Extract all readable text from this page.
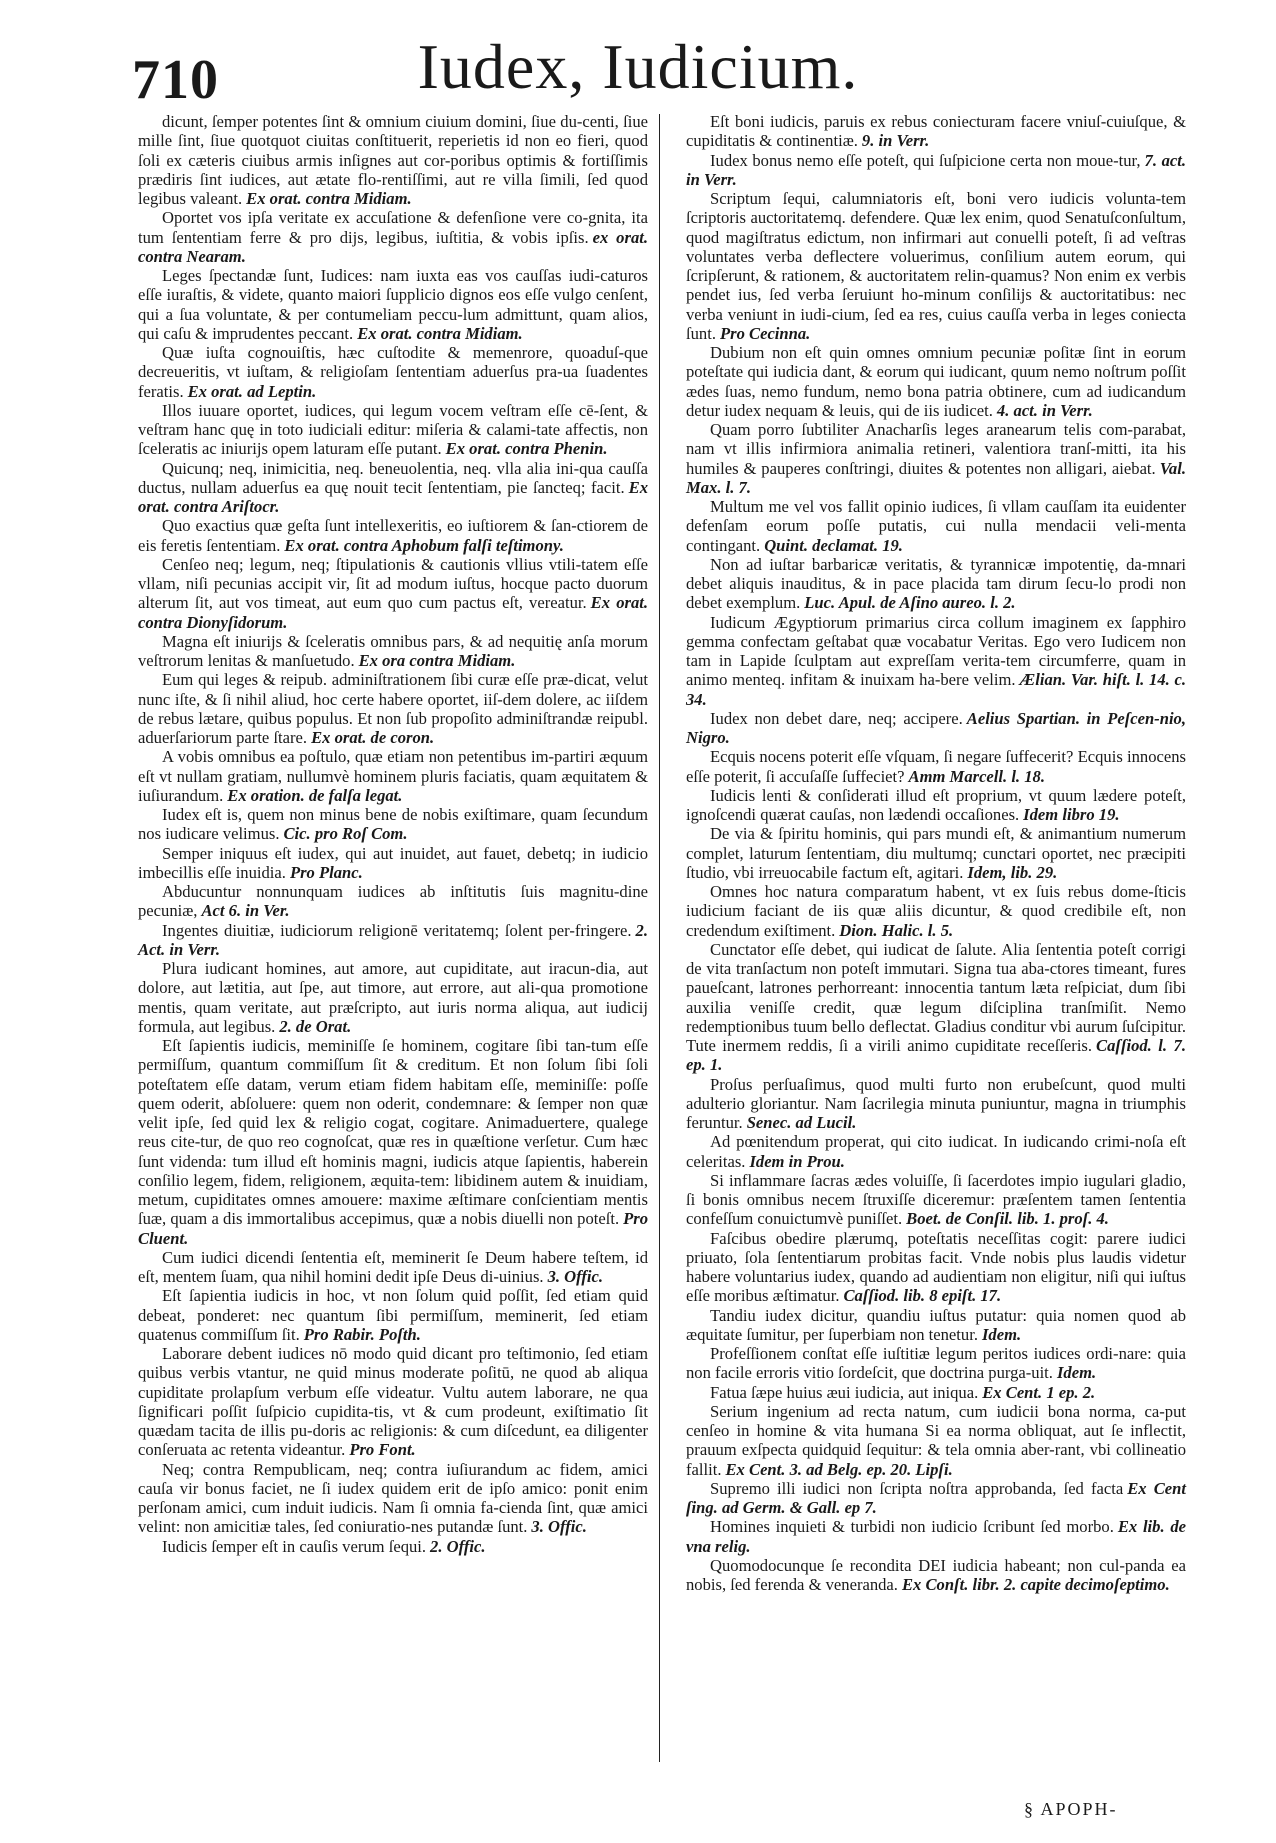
710	Iudex, Iudicium.

dicunt, ſemper potentes ſint & omnium ciuium domini, ſiue du-centi, ſiue mille ſint, ſiue quotquot ciuitas conſtituerit, reperietis id non eo fieri, quod ſoli ex cæteris ciuibus armis inſignes aut cor-poribus optimis & fortiſſimis prædiris ſint iudices, aut ætate flo-rentiſſimi, aut re villa ſimili, ſed quod legibus valeant. Ex orat. contra Midiam.

Oportet vos ipſa veritate ex accuſatione & defenſione vere co-gnita, ita tum ſententiam ferre & pro dijs, legibus, iuſtitia, & vobis ipſis. ex orat. contra Nearam.

Leges ſpectandæ ſunt, Iudices: nam iuxta eas vos cauſſas iudi-caturos eſſe iuraſtis, & videte, quanto maiori ſupplicio dignos eos eſſe vulgo cenſent, qui a ſua voluntate, & per contumeliam peccu-lum admittunt, quam alios, qui caſu & imprudentes peccant. Ex orat. contra Midiam.

Quæ iuſta cognouiſtis, hæc cuſtodite & memenrore, quoaduſ-que decreueritis, vt iuſtam, & religioſam ſententiam aduerſus pra-ua ſuadentes feratis. Ex orat. ad Leptin.

Illos iuuare oportet, iudices, qui legum vocem veſtram eſſe cē-ſent, & veſtram hanc quę in toto iudiciali editur: miſeria & calami-tate affectis, non ſceleratis ac iniurijs opem laturam eſſe putant. Ex orat. contra Phenin.

Quicunq; neq, inimicitia, neq. beneuolentia, neq. vlla alia ini-qua cauſſa ductus, nullam aduerſus ea quę nouit tecit ſententiam, pie ſancteq; facit. Ex orat. contra Ariſtocr.

Quo exactius quæ geſta ſunt intellexeritis, eo iuſtiorem & ſan-ctiorem de eis feretis ſententiam. Ex orat. contra Aphobum falſi teſtimony.

Cenſeo neq; legum, neq; ſtipulationis & cautionis vllius vtili-tatem eſſe vllam, niſi pecunias accipit vir, ſit ad modum iuſtus, hocque pacto duorum alterum ſit, aut vos timeat, aut eum quo cum pactus eſt, vereatur. Ex orat. contra Dionyſidorum.

Magna eſt iniurijs & ſceleratis omnibus pars, & ad nequitię anſa morum veſtrorum lenitas & manſuetudo. Ex ora contra Midiam.

Eum qui leges & reipub. adminiſtrationem ſibi curæ eſſe præ-dicat, velut nunc iſte, & ſi nihil aliud, hoc certe habere oportet, iiſ-dem dolere, ac iiſdem de rebus lætare, quibus populus. Et non ſub propoſito adminiſtrandæ reipubl. aduerſariorum parte ſtare. Ex orat. de coron.

A vobis omnibus ea poſtulo, quæ etiam non petentibus im-partiri æquum eſt vt nullam gratiam, nullumvè hominem pluris faciatis, quam æquitatem & iuſiurandum. Ex oration. de falſa legat.

Iudex eſt is, quem non minus bene de nobis exiſtimare, quam ſecundum nos iudicare velimus. Cic. pro Roſ Com.

Semper iniquus eſt iudex, qui aut inuidet, aut fauet, debetq; in iudicio imbecillis eſſe inuidia. Pro Planc.

Abducuntur nonnunquam iudices ab inſtitutis ſuis magnitu-dine pecuniæ, Act 6. in Ver.

Ingentes diuitiæ, iudiciorum religionē veritatemq; ſolent per-fringere. 2. Act. in Verr.

Plura iudicant homines, aut amore, aut cupiditate, aut iracun-dia, aut dolore, aut lætitia, aut ſpe, aut timore, aut errore, aut ali-qua promotione mentis, quam veritate, aut præſcripto, aut iuris norma aliqua, aut iudicij formula, aut legibus. 2. de Orat.

Eſt ſapientis iudicis, meminiſſe ſe hominem, cogitare ſibi tan-tum eſſe permiſſum, quantum commiſſum ſit & creditum. Et non ſolum ſibi ſoli poteſtatem eſſe datam, verum etiam fidem habitam eſſe, meminiſſe: poſſe quem oderit, abſoluere: quem non oderit, condemnare: & ſemper non quæ velit ipſe, ſed quid lex & religio cogat, cogitare. Animaduertere, qualege reus cite-tur, de quo reo cognoſcat, quæ res in quæſtione verſetur. Cum hæc ſunt videnda: tum illud eſt hominis magni, iudicis atque ſapientis, haberein conſilio legem, fidem, religionem, æquita-tem: libidinem autem & inuidiam, metum, cupiditates omnes amouere: maxime æſtimare conſcientiam mentis ſuæ, quam a dis immortalibus accepimus, quæ a nobis diuelli non poteſt. Pro Cluent.

Cum iudici dicendi ſententia eſt, meminerit ſe Deum habere teſtem, id eſt, mentem ſuam, qua nihil homini dedit ipſe Deus di-uinius. 3. Offic.

Eſt ſapientia iudicis in hoc, vt non ſolum quid poſſit, ſed etiam quid debeat, ponderet: nec quantum ſibi permiſſum, meminerit, ſed etiam quatenus commiſſum ſit. Pro Rabir. Poſth.

Laborare debent iudices nō modo quid dicant pro teſtimonio, ſed etiam quibus verbis vtantur, ne quid minus moderate poſitū, ne quod ab aliqua cupiditate prolapſum verbum eſſe videatur. Vultu autem laborare, ne qua ſignificari poſſit ſuſpicio cupidita-tis, vt & cum prodeunt, exiſtimatio ſit quædam tacita de illis pu-doris ac religionis: & cum diſcedunt, ea diligenter conſeruata ac retenta videantur. Pro Font.

Neq; contra Rempublicam, neq; contra iuſiurandum ac fidem, amici cauſa vir bonus faciet, ne ſi iudex quidem erit de ipſo amico: ponit enim perſonam amici, cum induit iudicis. Nam ſi omnia fa-cienda ſint, quæ amici velint: non amicitiæ tales, ſed coniuratio-nes putandæ ſunt. 3. Offic.

Iudicis ſemper eſt in cauſis verum ſequi. 2. Offic.

Eſt boni iudicis, paruis ex rebus coniecturam facere vniuſ-cuiuſque, & cupiditatis & continentiæ. 9. in Verr.

Iudex bonus nemo eſſe poteſt, qui ſuſpicione certa non moue-tur, 7. act. in Verr.

Scriptum ſequi, calumniatoris eſt, boni vero iudicis volunta-tem ſcriptoris auctoritatemq. defendere. Quæ lex enim, quod Senatuſconſultum, quod magiſtratus edictum, non infirmari aut conuelli poteſt, ſi ad veſtras voluntates verba deflectere voluerimus, conſilium autem eorum, qui ſcripſerunt, & rationem, & auctoritatem relin-quamus? Non enim ex verbis pendet ius, ſed verba ſeruiunt ho-minum conſilijs & auctoritatibus: nec verba veniunt in iudi-cium, ſed ea res, cuius cauſſa verba in leges coniecta ſunt. Pro Cecinna.

Dubium non eſt quin omnes omnium pecuniæ poſitæ ſint in eorum poteſtate qui iudicia dant, & eorum qui iudicant, quum nemo noſtrum poſſit ædes ſuas, nemo fundum, nemo bona patria obtinere, cum ad iudicandum detur iudex nequam & leuis, qui de iis iudicet. 4. act. in Verr.

Quam porro ſubtiliter Anacharſis leges aranearum telis com-parabat, nam vt illis infirmiora animalia retineri, valentiora tranſ-mitti, ita his humiles & pauperes conſtringi, diuites & potentes non alligari, aiebat. Val. Max. l. 7.

Multum me vel vos fallit opinio iudices, ſi vllam cauſſam ita euidenter defenſam eorum poſſe putatis, cui nulla mendacii veli-menta contingant. Quint. declamat. 19.

Non ad iuſtar barbaricæ veritatis, & tyrannicæ impotentię, da-mnari debet aliquis inauditus, & in pace placida tam dirum ſecu-lo prodi non debet exemplum. Luc. Apul. de Aſino aureo. l. 2.

Iudicum Ægyptiorum primarius circa collum imaginem ex ſapphiro gemma confectam geſtabat quæ vocabatur Veritas. Ego vero Iudicem non tam in Lapide ſculptam aut expreſſam verita-tem circumferre, quam in animo menteq. infitam & inuixam ha-bere velim. Ælian. Var. hiſt. l. 14. c. 34.

Iudex non debet dare, neq; accipere. Aelius Spartian. in Peſcen-nio, Nigro.

Ecquis nocens poterit eſſe vſquam, ſi negare ſuffecerit? Ecquis innocens eſſe poterit, ſi accuſaſſe ſuffeciet? Amm Marcell. l. 18.

Iudicis lenti & conſiderati illud eſt proprium, vt quum lædere poteſt, ignoſcendi quærat cauſas, non lædendi occaſiones. Idem libro 19.

De via & ſpiritu hominis, qui pars mundi eſt, & animantium numerum complet, laturum ſententiam, diu multumq; cunctari oportet, nec præcipiti ſtudio, vbi irreuocabile factum eſt, agitari. Idem, lib. 29.

Omnes hoc natura comparatum habent, vt ex ſuis rebus dome-ſticis iudicium faciant de iis quæ aliis dicuntur, & quod credibile eſt, non credendum exiſtiment. Dion. Halic. l. 5.

Cunctator eſſe debet, qui iudicat de ſalute. Alia ſententia poteſt corrigi de vita tranſactum non poteſt immutari. Signa tua aba-ctores timeant, fures paueſcant, latrones perhorreant: innocentia tantum læta reſpiciat, dum ſibi auxilia veniſſe credit, quæ legum diſciplina tranſmiſit. Nemo redemptionibus tuum bello deflectat. Gladius conditur vbi aurum ſuſcipitur. Tute inermem reddis, ſi a virili animo cupiditate receſſeris. Caſſiod. l. 7. ep. 1.

Proſus perſuaſimus, quod multi furto non erubeſcunt, quod multi adulterio gloriantur. Nam ſacrilegia minuta puniuntur, magna in triumphis feruntur. Senec. ad Lucil.

Ad pœnitendum properat, qui cito iudicat. In iudicando crimi-noſa eſt celeritas. Idem in Prou.

Si inflammare ſacras ædes voluiſſe, ſi ſacerdotes impio iugulari gladio, ſi bonis omnibus necem ſtruxiſſe diceremur: præſentem tamen ſententia confeſſum conuictumvè puniſſet. Boet. de Conſil. lib. 1. proſ. 4.

Faſcibus obedire plærumq, poteſtatis neceſſitas cogit: parere iudici priuato, ſola ſententiarum probitas facit. Vnde nobis plus laudis videtur habere voluntarius iudex, quando ad audientiam non eligitur, niſi qui iuſtus eſſe moribus æſtimatur. Caſſiod. lib. 8 epiſt. 17.

Tandiu iudex dicitur, quandiu iuſtus putatur: quia nomen quod ab æquitate ſumitur, per ſuperbiam non tenetur. Idem.

Profeſſionem conſtat eſſe iuſtitiæ legum peritos iudices ordi-nare: quia non facile erroris vitio ſordeſcit, que doctrina purga-uit. Idem.

Fatua ſæpe huius æui iudicia, aut iniqua. Ex Cent. 1 ep. 2.

Serium ingenium ad recta natum, cum iudicii bona norma, ca-put cenſeo in homine & vita humana Si ea norma obliquat, aut ſe inflectit, prauum exſpecta quidquid ſequitur: & tela omnia aber-rant, vbi collineatio fallit. Ex Cent. 3. ad Belg. ep. 20. Lipſi.

Supremo illi iudici non ſcripta noſtra approbanda, ſed facta Ex Cent ſing. ad Germ. & Gall. ep 7.

Homines inquieti & turbidi non iudicio ſcribunt ſed morbo. Ex lib. de vna relig.

Quomodocunque ſe recondita DEI iudicia habeant; non cul-panda ea nobis, ſed ferenda & veneranda. Ex Conſt. libr. 2. capite decimoſeptimo.

§ APOPH-
